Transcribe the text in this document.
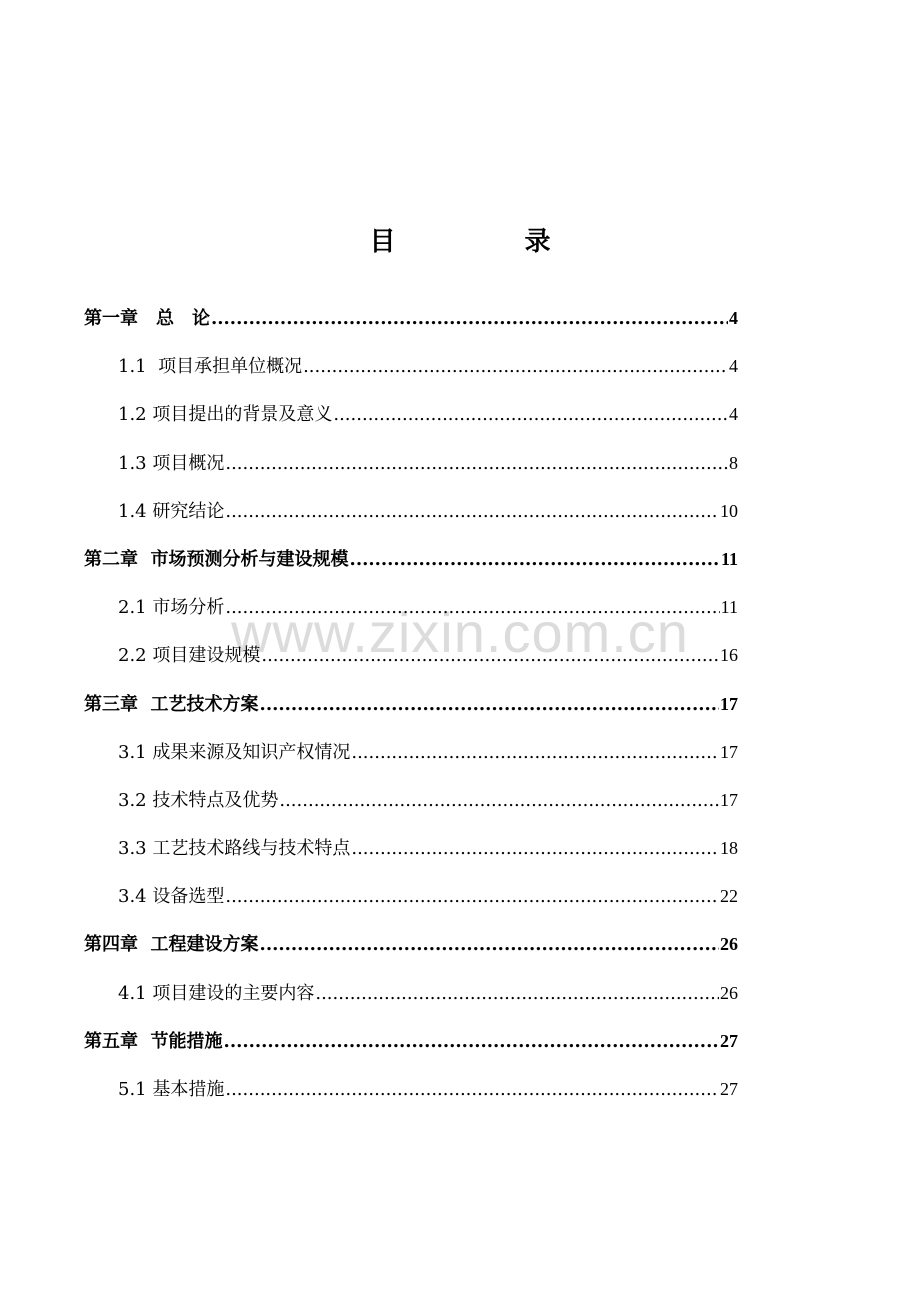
目 录
www.zixin.com.cn
第一章　总　论 .....	4
1.1  项目承担单位概况 .....	4
1.2 项目提出的背景及意义 .....	4
1.3 项目概况 .....	8
1.4 研究结论 .....	10
第二章  市场预测分析与建设规模 .....	11
2.1 市场分析 .....	11
2.2 项目建设规模 .....	16
第三章  工艺技术方案 .....	17
3.1 成果来源及知识产权情况 .....	17
3.2 技术特点及优势 .....	17
3.3 工艺技术路线与技术特点 .....	18
3.4 设备选型 .....	22
第四章  工程建设方案 .....	26
4.1 项目建设的主要内容 .....	26
第五章  节能措施 .....	27
5.1 基本措施 .....	27
